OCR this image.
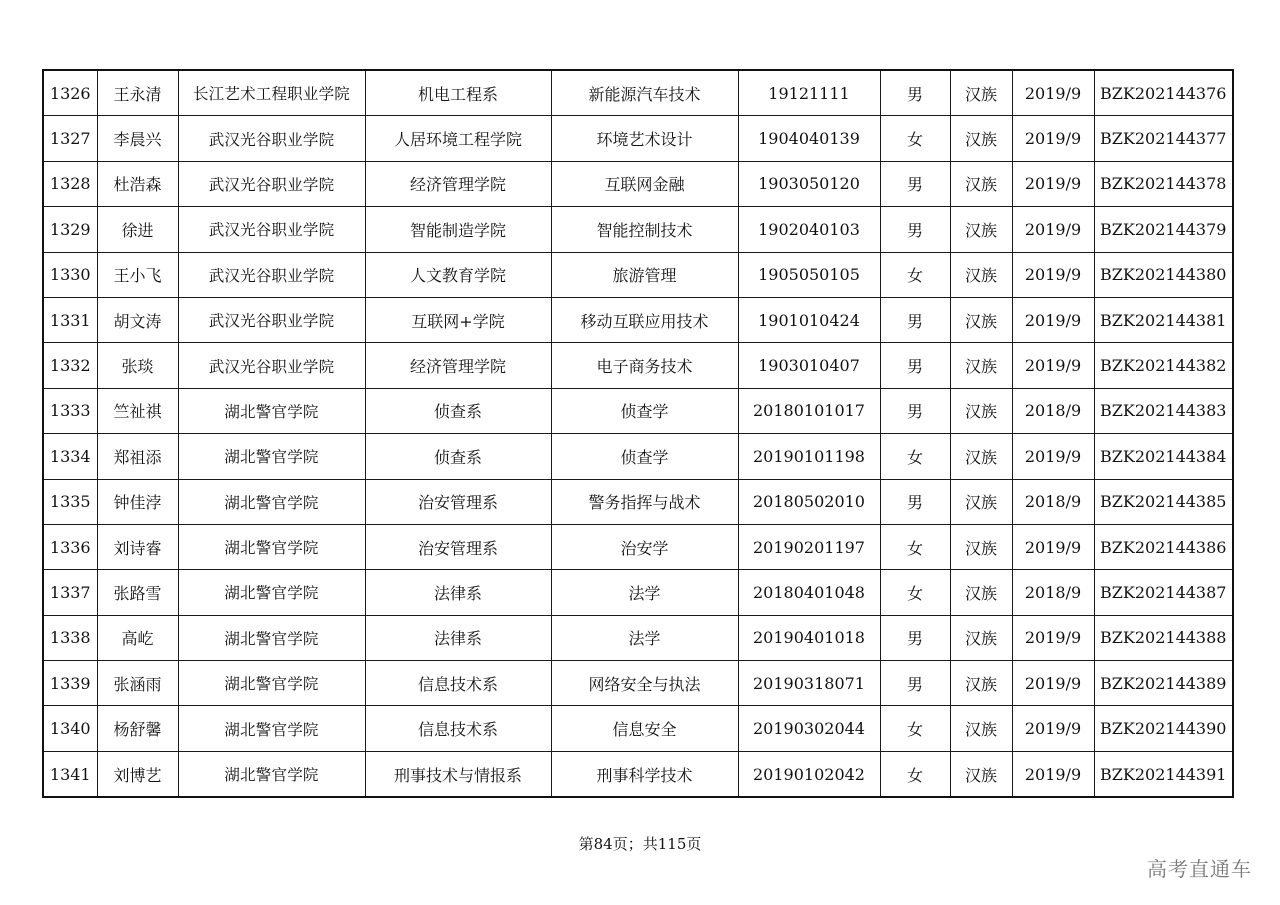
1326	王永清	长江艺术工程职业学院	机电工程系	新能源汽车技术	19121111	男	汉族	2019/9	BZK202144376
1327	李晨兴	武汉光谷职业学院	人居环境工程学院	环境艺术设计	1904040139	女	汉族	2019/9	BZK202144377
1328	杜浩森	武汉光谷职业学院	经济管理学院	互联网金融	1903050120	男	汉族	2019/9	BZK202144378
1329	徐进	武汉光谷职业学院	智能制造学院	智能控制技术	1902040103	男	汉族	2019/9	BZK202144379
1330	王小飞	武汉光谷职业学院	人文教育学院	旅游管理	1905050105	女	汉族	2019/9	BZK202144380
1331	胡文涛	武汉光谷职业学院	互联网+学院	移动互联应用技术	1901010424	男	汉族	2019/9	BZK202144381
1332	张琰	武汉光谷职业学院	经济管理学院	电子商务技术	1903010407	男	汉族	2019/9	BZK202144382
1333	竺祉祺	湖北警官学院	侦查系	侦查学	20180101017	男	汉族	2018/9	BZK202144383
1334	郑祖添	湖北警官学院	侦查系	侦查学	20190101198	女	汉族	2019/9	BZK202144384
1335	钟佳浡	湖北警官学院	治安管理系	警务指挥与战术	20180502010	男	汉族	2018/9	BZK202144385
1336	刘诗睿	湖北警官学院	治安管理系	治安学	20190201197	女	汉族	2019/9	BZK202144386
1337	张路雪	湖北警官学院	法律系	法学	20180401048	女	汉族	2018/9	BZK202144387
1338	高屹	湖北警官学院	法律系	法学	20190401018	男	汉族	2019/9	BZK202144388
1339	张涵雨	湖北警官学院	信息技术系	网络安全与执法	20190318071	男	汉族	2019/9	BZK202144389
1340	杨舒馨	湖北警官学院	信息技术系	信息安全	20190302044	女	汉族	2019/9	BZK202144390
1341	刘博艺	湖北警官学院	刑事技术与情报系	刑事科学技术	20190102042	女	汉族	2019/9	BZK202144391
第84页；共115页
高考直通车
